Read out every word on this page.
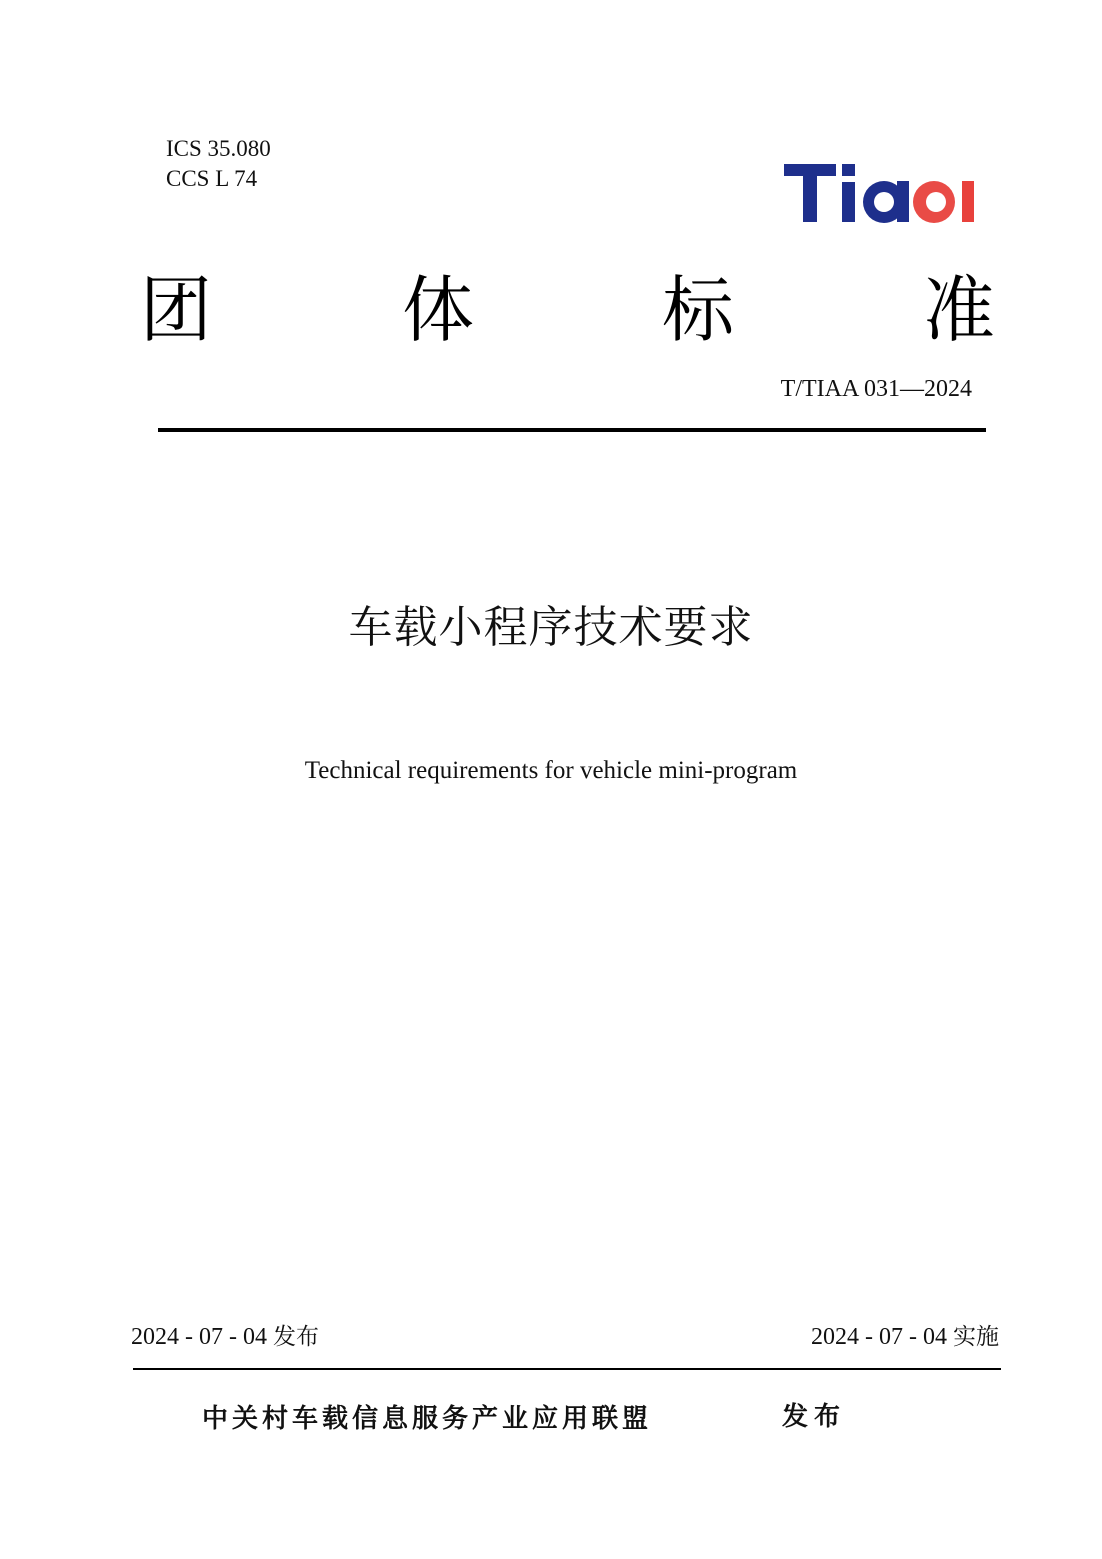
ICS 35.080
CCS L 74
团	体	标	准
T/TIAA 031—2024
车载小程序技术要求
Technical requirements for vehicle mini-program
2024 - 07 - 04 发布	2024 - 07 - 04 实施
中关村车载信息服务产业应用联盟	发布
